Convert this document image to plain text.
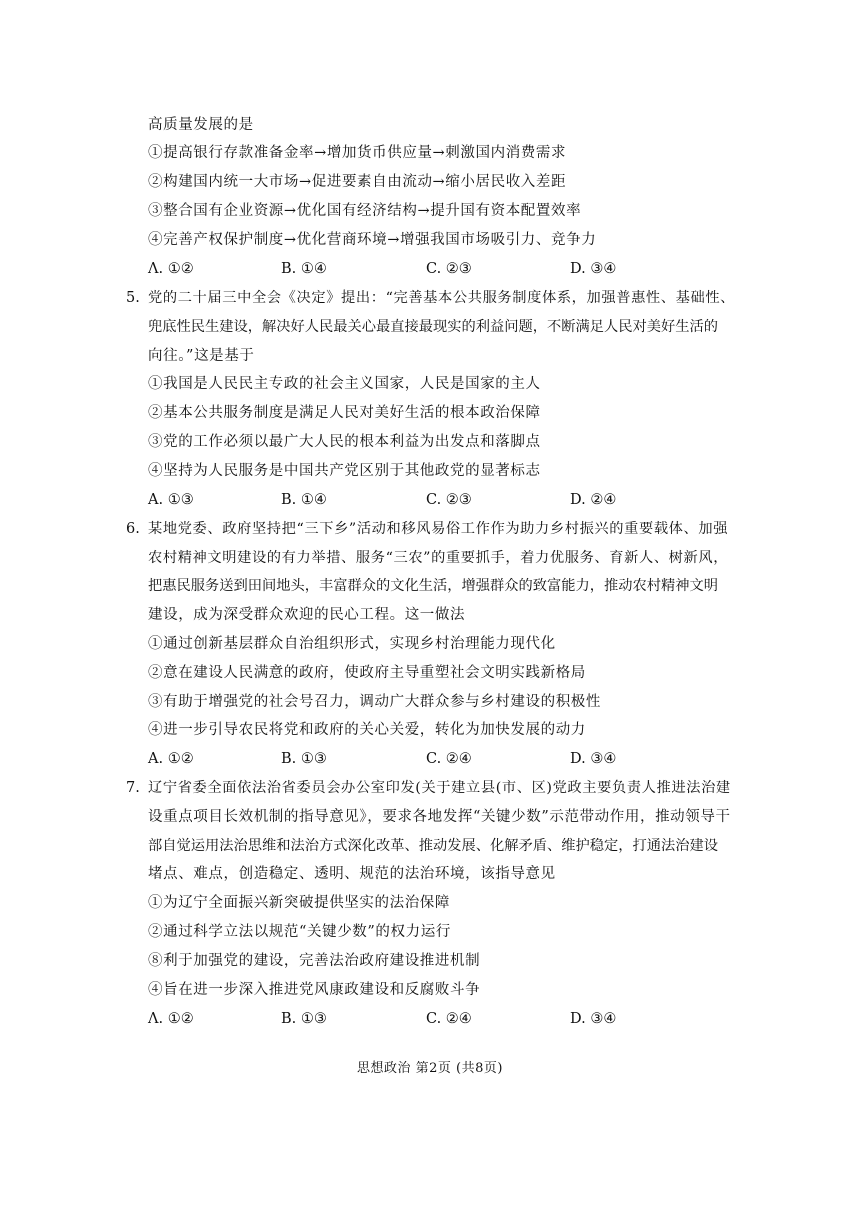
高质量发展的是
①提高银行存款准备金率→增加货币供应量→刺激国内消费需求
②构建国内统一大市场→促进要素自由流动→缩小居民收入差距
③整合国有企业资源→优化国有经济结构→提升国有资本配置效率
④完善产权保护制度→优化营商环境→增强我国市场吸引力、竞争力
Λ. ①②	B. ①④	C. ②③	D. ③④
5. 党的二十届三中全会《决定》提出：“完善基本公共服务制度体系，加强普惠性、基础性、
兜底性民生建设，解决好人民最关心最直接最现实的利益问题，不断满足人民对美好生活的
向往。”这是基于
①我国是人民民主专政的社会主义国家，人民是国家的主人
②基本公共服务制度是满足人民对美好生活的根本政治保障
③党的工作必须以最广大人民的根本利益为出发点和落脚点
④坚持为人民服务是中国共产党区别于其他政党的显著标志
A. ①③	B. ①④	C. ②③	D. ②④
6. 某地党委、政府坚持把“三下乡”活动和移风易俗工作作为助力乡村振兴的重要载体、加强
农村精神文明建设的有力举措、服务“三农”的重要抓手，着力优服务、育新人、树新风，
把惠民服务送到田间地头，丰富群众的文化生活，增强群众的致富能力，推动农村精神文明
建设，成为深受群众欢迎的民心工程。这一做法
①通过创新基层群众自治组织形式，实现乡村治理能力现代化
②意在建设人民满意的政府，使政府主导重塑社会文明实践新格局
③有助于增强党的社会号召力，调动广大群众参与乡村建设的积极性
④进一步引导农民将党和政府的关心关爱，转化为加快发展的动力
A. ①②	B. ①③	C. ②④	D. ③④
7. 辽宁省委全面依法治省委员会办公室印发(关于建立县(市、区)党政主要负责人推进法治建
设重点项目长效机制的指导意见》，要求各地发挥“关键少数”示范带动作用，推动领导干
部自觉运用法治思维和法治方式深化改革、推动发展、化解矛盾、维护稳定，打通法治建设
堵点、难点，创造稳定、透明、规范的法治环境，该指导意见
①为辽宁全面振兴新突破提供坚实的法治保障
②通过科学立法以规范“关键少数”的权力运行
⑧利于加强党的建设，完善法治政府建设推进机制
④旨在进一步深入推进党风康政建设和反腐败斗争
Λ. ①②	B. ①③	C. ②④	D. ③④
思想政治 第2页 (共8页)
